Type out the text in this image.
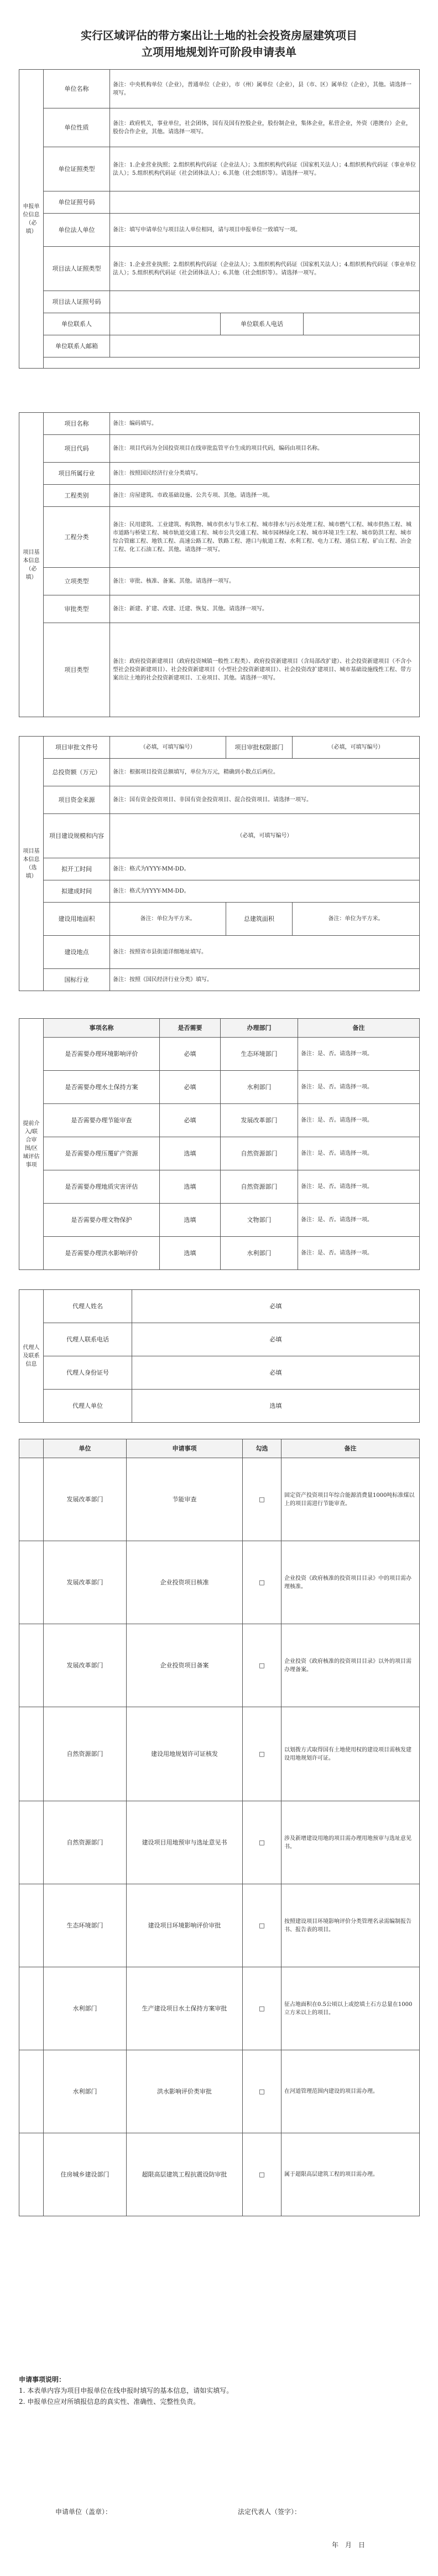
实行区域评估的带方案出让土地的社会投资房屋建筑项目
立项用地规划许可阶段申请表单
申报单位信息（必填）	单位名称	备注：中央机构单位（企业），普通单位（企业），市（州）属单位（企业），县（市、区）属单位（企业），其他。请选择一项写。		
	单位性质	备注：政府机关，事业单位，社会团体，国有及国有控股企业，股份制企业，集体企业，私营企业，外资（港澳台）企业，股份合作企业，其他。请选择一项写。		
	单位证照类型	备注：1.企业营业执照；2.组织机构代码证（企业法人）；3.组织机构代码证（国家机关法人）；4.组织机构代码证（事业单位法人）；5.组织机构代码证（社会团体法人）；6.其他（社会组织等）。请选择一项写。		
	单位证照号码			
	单位法人单位	备注：填写申请单位与项目法人单位相同，请与项目申报单位一致填写一项。		
	项目法人证照类型	备注：1.企业营业执照；2.组织机构代码证（企业法人）；3.组织机构代码证（国家机关法人）；4.组织机构代码证（事业单位法人）；5.组织机构代码证（社会团体法人）；6.其他（社会组织等）。请选择一项写。		
	项目法人证照号码			
	单位联系人		单位联系人电话	
	单位联系人邮箱			

项目基本信息（必填）	项目名称	备注：编码填写。
	项目代码	备注：项目代码为全国投资项目在线审批监管平台生成的项目代码，编码由项目名称。
	项目所属行业	备注：按照国民经济行业分类填写。
	工程类别	备注：房屋建筑、市政基础设施、公共专项、其他。请选择一项。
	工程分类	备注：民用建筑、工业建筑、构筑物、城市供水与节水工程、城市排水与污水处理工程、城市燃气工程、城市供热工程、城市道路与桥梁工程、城市轨道交通工程、城市公共交通工程、城市园林绿化工程、城市环境卫生工程、城市防洪工程、城市综合管廊工程、地铁工程、高速公路工程、铁路工程、港口与航道工程、水利工程、电力工程、通信工程、矿山工程、冶金工程、化工石油工程、其他。请选择一项写。
	立项类型	备注：审批、核准、备案、其他。请选择一项写。
	审批类型	备注：新建、扩建、改建、迁建、恢复、其他。请选择一项写。
	项目类型	备注：政府投资新建项目（政府投资城镇一般性工程类）、政府投资新建项目（含局部改扩建）、社会投资新建项目（不含小型社会投资新建项目）、社会投资新建项目（小型社会投资新建项目）、社会投资改扩建项目、城市基础设施线性工程、带方案出让土地的社会投资新建项目、工业项目、其他。请选择一项写。
项目基本信息（选填）	项目审批文件号	（必填，可填写编号）	项目审批权限部门	（必填，可填写编号）
	总投资额（万元）	备注：根据项目投资总额填写，单位为万元，精确到小数点后两位。		
	项目资金来源	备注：国有资金投资项目、非国有资金投资项目、混合投资项目。请选择一项写。		
	项目建设规模和内容	（必填，可填写编号）		
	拟开工时间	备注：格式为YYYY-MM-DD。		
	拟建成时间	备注：格式为YYYY-MM-DD。		
	建设用地面积	备注：单位为平方米。	总建筑面积	备注：单位为平方米。
	建设地点	备注：按照省市县街道详细地址填写。		
	国标行业	备注：按照《国民经济行业分类》填写。		
提前介入/联合审图/区域评估事项	事项名称	是否需要	办理部门	备注
	是否需要办理环境影响评价	必填	生态环境部门	备注：是、否。请选择一项。
	是否需要办理水土保持方案	必填	水利部门	备注：是、否。请选择一项。
	是否需要办理节能审查	必填	发展改革部门	备注：是、否。请选择一项。
	是否需要办理压覆矿产资源	选填	自然资源部门	备注：是、否。请选择一项。
	是否需要办理地质灾害评估	选填	自然资源部门	备注：是、否。请选择一项。
	是否需要办理文物保护	选填	文物部门	备注：是、否。请选择一项。
	是否需要办理洪水影响评价	选填	水利部门	备注：是、否。请选择一项。
代理人及联系信息	代理人姓名	必填
	代理人联系电话	必填
	代理人身份证号	必填
	代理人单位	选填
	单位	申请事项	勾选	备注
	发展改革部门	节能审查	□	固定资产投资项目年综合能源消费量1000吨标准煤以上的项目需进行节能审查。
	发展改革部门	企业投资项目核准	□	企业投资《政府核准的投资项目目录》中的项目需办理核准。
	发展改革部门	企业投资项目备案	□	企业投资《政府核准的投资项目目录》以外的项目需办理备案。
	自然资源部门	建设用地规划许可证核发	□	以划拨方式取得国有土地使用权的建设项目需核发建设用地规划许可证。
	自然资源部门	建设项目用地预审与选址意见书	□	涉及新增建设用地的项目需办理用地预审与选址意见书。
	生态环境部门	建设项目环境影响评价审批	□	按照建设项目环境影响评价分类管理名录需编制报告书、报告表的项目。
	水利部门	生产建设项目水土保持方案审批	□	征占地面积在0.5公顷以上或挖填土石方总量在1000立方米以上的项目。
	水利部门	洪水影响评价类审批	□	在河道管理范围内建设的项目需办理。
	住房城乡建设部门	超限高层建筑工程抗震设防审批	□	属于超限高层建筑工程的项目需办理。
申请事项说明：
1. 本表单内容为项目申报单位在线申报时填写的基本信息，请如实填写。
2. 申报单位应对所填报信息的真实性、准确性、完整性负责。
申请单位（盖章）：	法定代表人（签字）：
年　月　日
